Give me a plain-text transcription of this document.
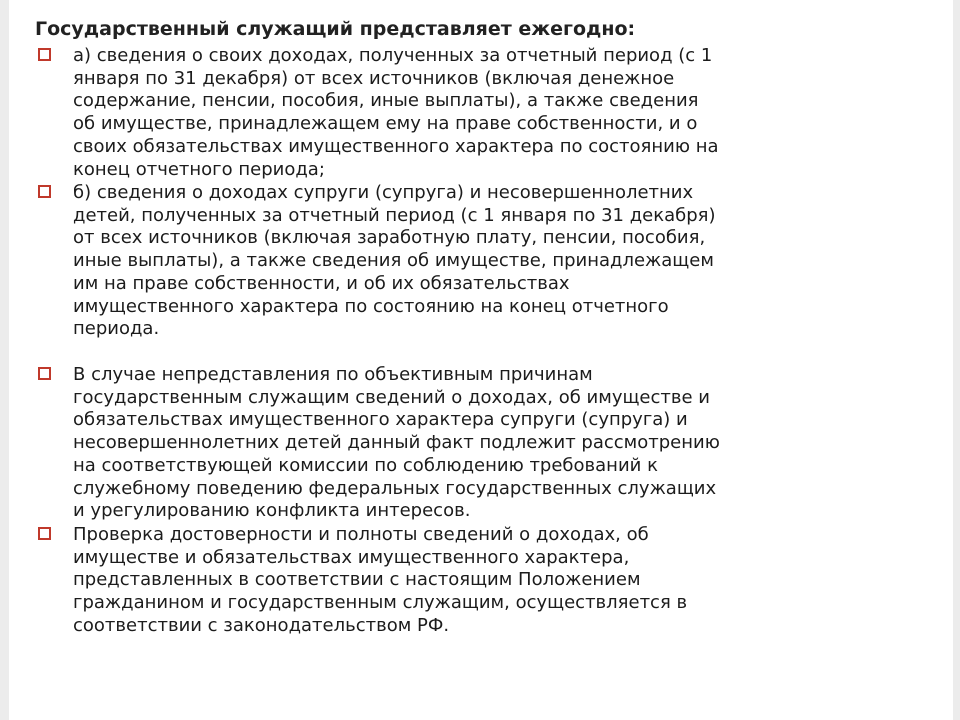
Государственный служащий представляет ежегодно:
а) сведения о своих доходах, полученных за отчетный период (с 1
января по 31 декабря) от всех источников (включая денежное
содержание, пенсии, пособия, иные выплаты), а также сведения
об имуществе, принадлежащем ему на праве собственности, и о
своих обязательствах имущественного характера по состоянию на
конец отчетного периода;
б) сведения о доходах супруги (супруга) и несовершеннолетних
детей, полученных за отчетный период (с 1 января по 31 декабря)
от всех источников (включая заработную плату, пенсии, пособия,
иные выплаты), а также сведения об имуществе, принадлежащем
им на праве собственности, и об их обязательствах
имущественного характера по состоянию на конец отчетного
периода.
В случае непредставления по объективным причинам
государственным служащим сведений о доходах, об имуществе и
обязательствах имущественного характера супруги (супруга) и
несовершеннолетних детей данный факт подлежит рассмотрению
на соответствующей комиссии по соблюдению требований к
служебному поведению федеральных государственных служащих
и урегулированию конфликта интересов.
Проверка достоверности и полноты сведений о доходах, об
имуществе и обязательствах имущественного характера,
представленных в соответствии с настоящим Положением
гражданином и государственным служащим, осуществляется в
соответствии с законодательством РФ.
